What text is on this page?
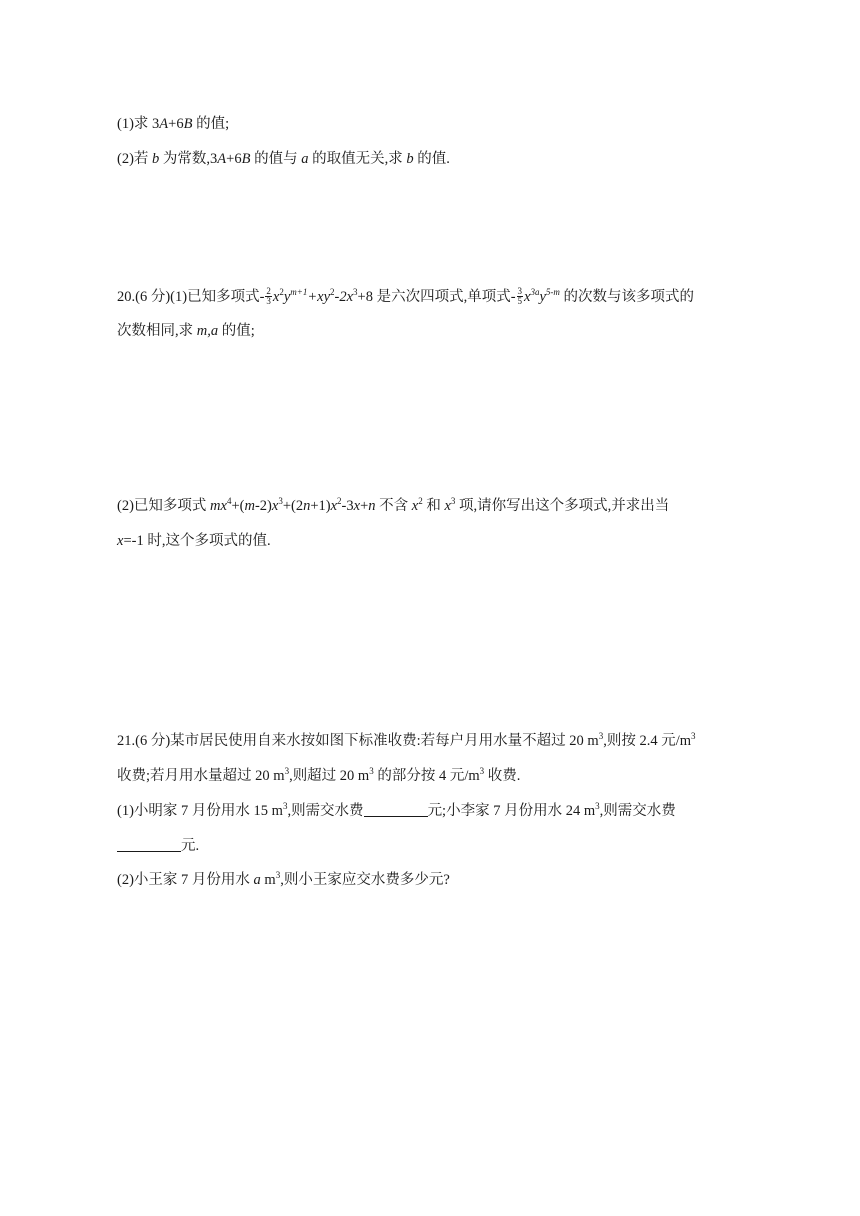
(1)求 3A+6B 的值;
(2)若 b 为常数,3A+6B 的值与 a 的取值无关,求 b 的值.
20.(6 分)(1)已知多项式- $\frac{2}{3} x^2y^{m+1}+xy^2-2x^3+8$ 是六次四项式,单项式- $\frac{3}{5} x^{3a}y^{5-m}$ 的次数与该多项式的
次数相同,求 m,a 的值;
(2)已知多项式 $mx^4+(m-2)x^3+(2n+1)x^2-3x+n$ 不含 $x^2$ 和 $x^3$ 项,请你写出这个多项式,并求出当
x=-1 时,这个多项式的值.
21.(6 分)某市居民使用自来水按如图下标准收费:若每户月用水量不超过 20 $m^3$,则按 2.4 元$/m^3$
收费;若月用水量超过 20 $m^3$,则超过 20 $m^3$ 的部分按 4 元$/m^3$ 收费.
(1)小明家 7 月份用水 15 $m^3$,则需交水费	元;小李家 7 月份用水 24 $m^3$,则需交水费
元.
(2)小王家 7 月份用水 a $m^3$,则小王家应交水费多少元?
